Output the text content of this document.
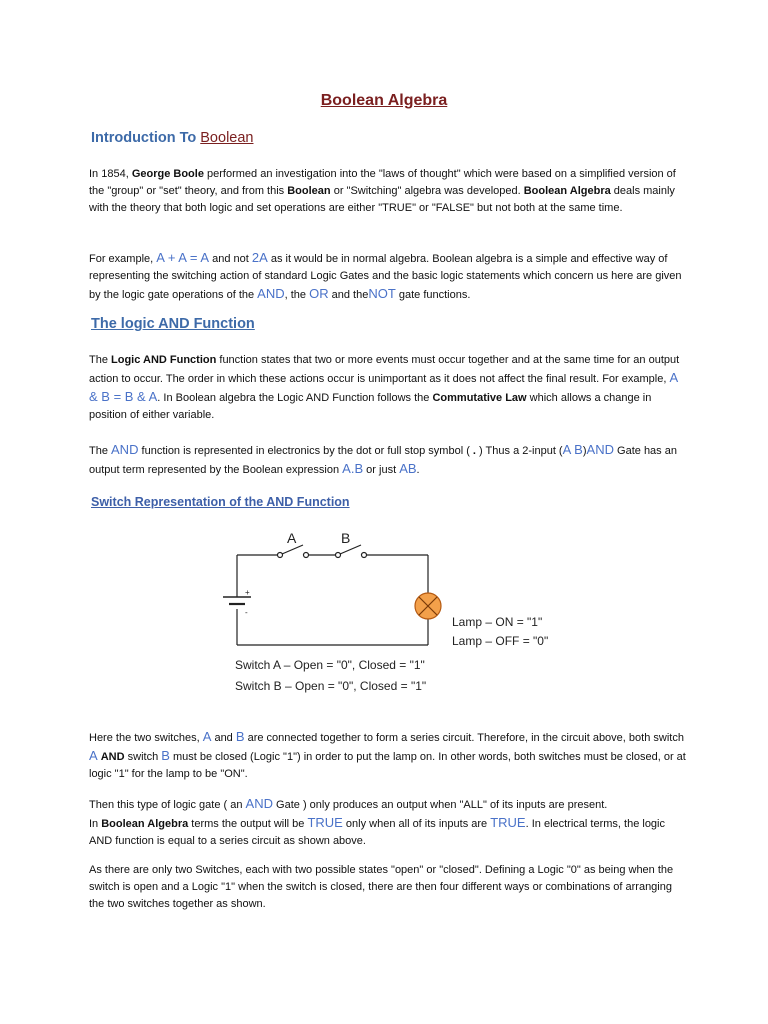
Boolean Algebra
Introduction To Boolean
In 1854, George Boole performed an investigation into the "laws of thought" which were based on a simplified version of the "group" or "set" theory, and from this Boolean or "Switching" algebra was developed. Boolean Algebra deals mainly with the theory that both logic and set operations are either "TRUE" or "FALSE" but not both at the same time.
For example, A + A = A and not 2A as it would be in normal algebra. Boolean algebra is a simple and effective way of representing the switching action of standard Logic Gates and the basic logic statements which concern us here are given by the logic gate operations of the AND, the OR and theNOT gate functions.
The logic AND Function
The Logic AND Function function states that two or more events must occur together and at the same time for an output action to occur. The order in which these actions occur is unimportant as it does not affect the final result. For example, A & B = B & A. In Boolean algebra the Logic AND Function follows the Commutative Law which allows a change in position of either variable.
The AND function is represented in electronics by the dot or full stop symbol ( . ) Thus a 2-input (A B)AND Gate has an output term represented by the Boolean expression A.B or just AB.
Switch Representation of the AND Function
A	B
+
-
Lamp – ON = "1"
Lamp – OFF = "0"
Switch A – Open = "0", Closed = "1"
Switch B – Open = "0", Closed = "1"
Here the two switches, A and B are connected together to form a series circuit. Therefore, in the circuit above, both switch A AND switch B must be closed (Logic "1") in order to put the lamp on. In other words, both switches must be closed, or at logic "1" for the lamp to be "ON".
Then this type of logic gate ( an AND Gate ) only produces an output when "ALL" of its inputs are present.
In Boolean Algebra terms the output will be TRUE only when all of its inputs are TRUE. In electrical terms, the logic AND function is equal to a series circuit as shown above.
As there are only two Switches, each with two possible states "open" or "closed". Defining a Logic "0" as being when the switch is open and a Logic "1" when the switch is closed, there are then four different ways or combinations of arranging the two switches together as shown.
